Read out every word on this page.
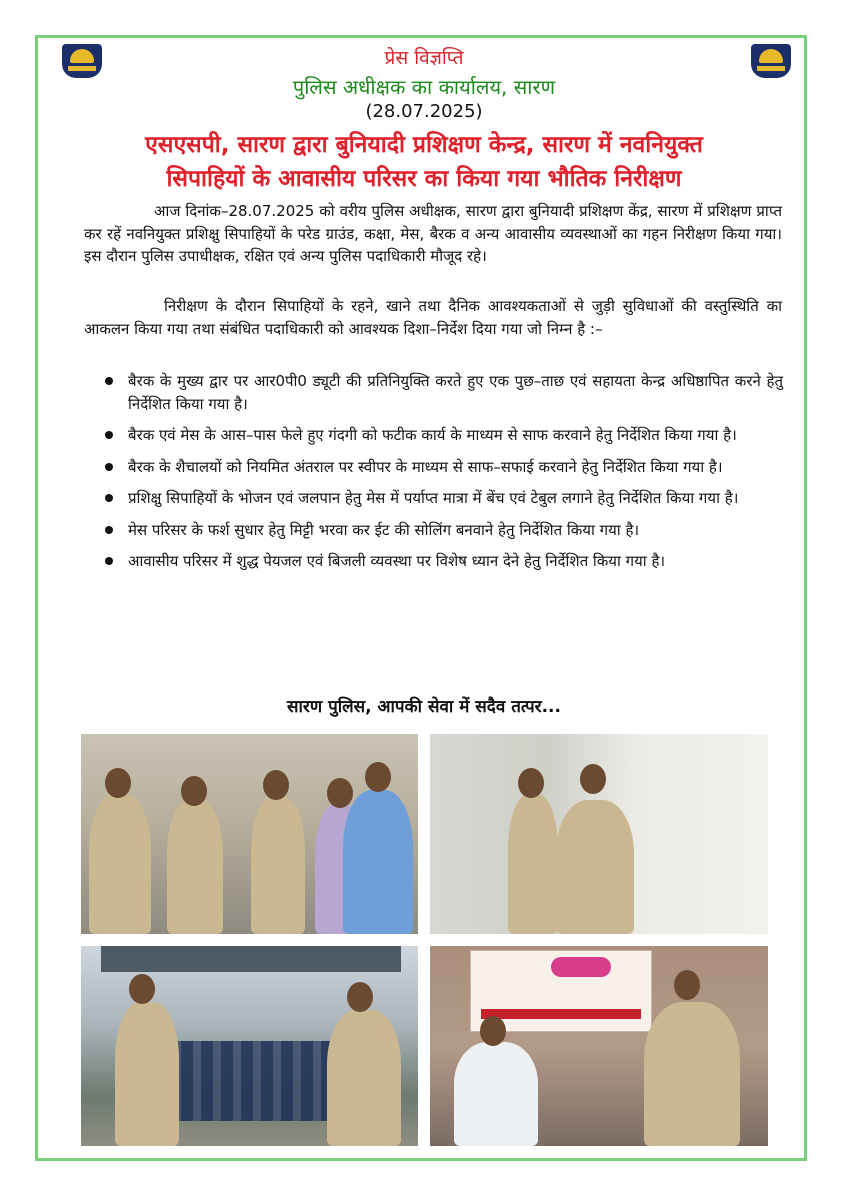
प्रेस विज्ञप्ति
पुलिस अधीक्षक का कार्यालय, सारण
(28.07.2025)
एसएसपी, सारण द्वारा बुनियादी प्रशिक्षण केन्द्र, सारण में नवनियुक्त
सिपाहियों के आवासीय परिसर का किया गया भौतिक निरीक्षण

आज दिनांक–28.07.2025 को वरीय पुलिस अधीक्षक, सारण द्वारा बुनियादी प्रशिक्षण केंद्र, सारण में प्रशिक्षण प्राप्त कर रहें नवनियुक्त प्रशिक्षु सिपाहियों के परेड ग्राउंड, कक्षा, मेस, बैरक व अन्य आवासीय व्यवस्थाओं का गहन निरीक्षण किया गया। इस दौरान पुलिस उपाधीक्षक, रक्षित एवं अन्य पुलिस पदाधिकारी मौजूद रहे।

निरीक्षण के दौरान सिपाहियों के रहने, खाने तथा दैनिक आवश्यकताओं से जुड़ी सुविधाओं की वस्तुस्थिति का आकलन किया गया तथा संबंधित पदाधिकारी को आवश्यक दिशा–निर्देश दिया गया जो निम्न है :–

बैरक के मुख्य द्वार पर आर0पी0 ड्यूटी की प्रतिनियुक्ति करते हुए एक पुछ–ताछ एवं सहायता केन्द्र अधिष्ठापित करने हेतु निर्देशित किया गया है।
बैरक एवं मेस के आस–पास फेले हुए गंदगी को फटीक कार्य के माध्यम से साफ करवाने हेतु निर्देशित किया गया है।
बैरक के शैचालयों को नियमित अंतराल पर स्वीपर के माध्यम से साफ–सफाई करवाने हेतु निर्देशित किया गया है।
प्रशिक्षु सिपाहियों के भोजन एवं जलपान हेतु मेस में पर्याप्त मात्रा में बेंच एवं टेबुल लगाने हेतु निर्देशित किया गया है।
मेस परिसर के फर्श सुधार हेतु मिट्टी भरवा कर ईट की सोलिंग बनवाने हेतु निर्देशित किया गया है।
आवासीय परिसर में शुद्ध पेयजल एवं बिजली व्यवस्था पर विशेष ध्यान देने हेतु निर्देशित किया गया है।
सारण पुलिस, आपकी सेवा में सदैव तत्पर...
